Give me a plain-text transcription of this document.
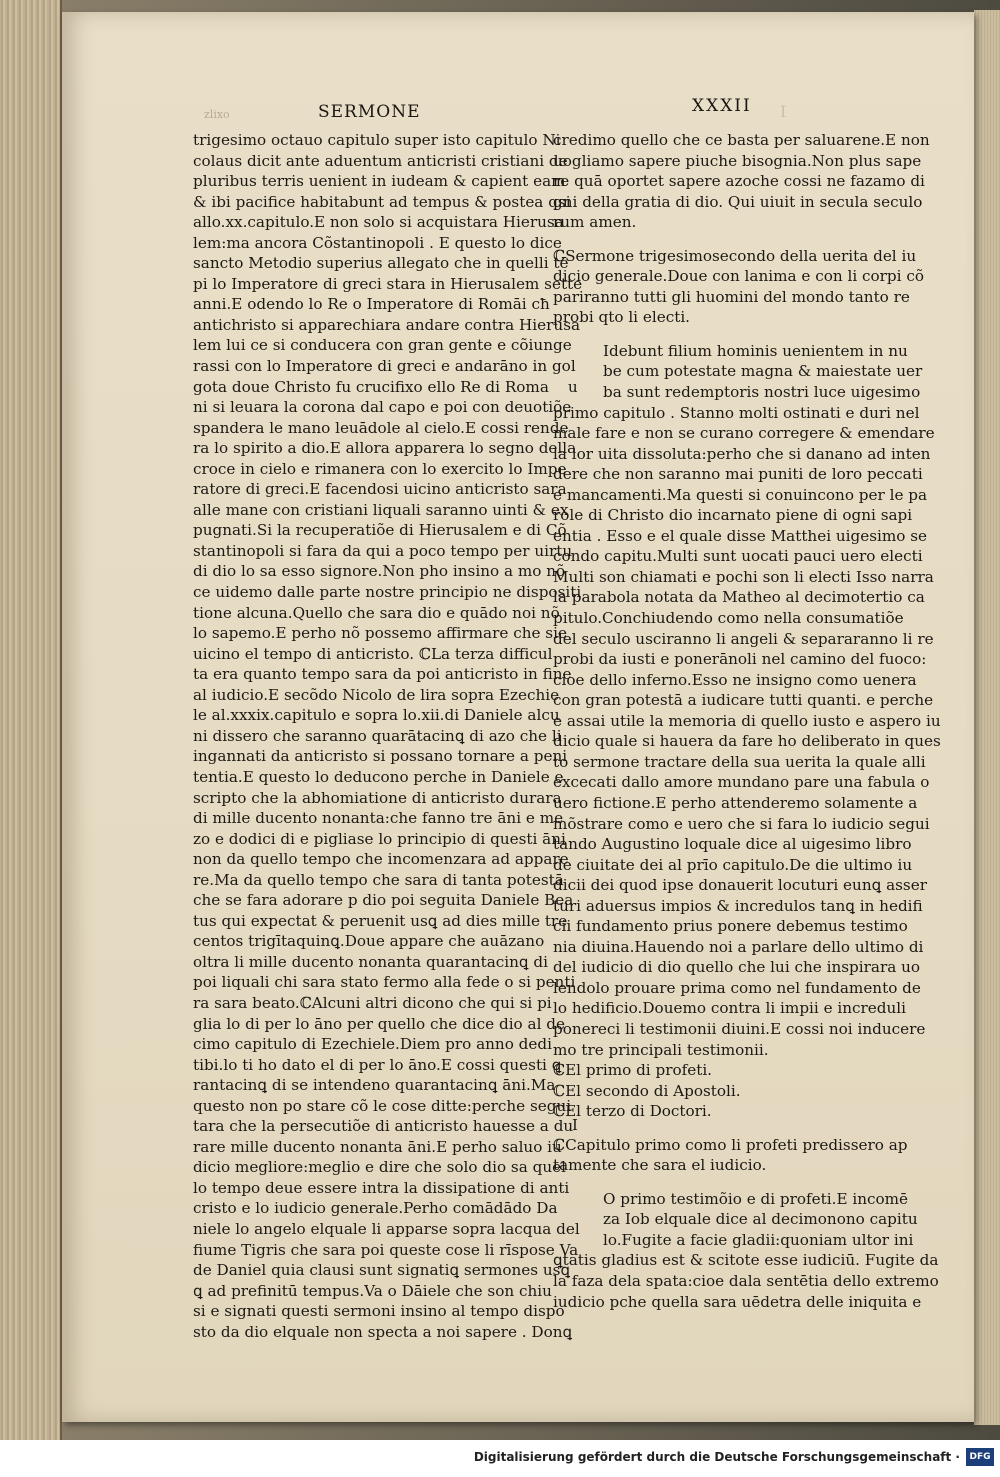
zlixo	I
SERMONE	XXXII
trigesimo octauo capitulo super isto capitulo Ni
colaus dicit ante aduentum anticristi cristiani de
pluribus terris uenient in iudeam & capient eam
& ibi pacifice habitabunt ad tempus & postea qsi
allo.xx.capitulo.E non solo si acquistara Hierusa
lem:ma ancora Cõstantinopoli . E questo lo dice
sancto Metodio superius allegato che in quelli tē
pi lo Imperatore di greci stara in Hierusalem sette
anni.E odendo lo Re o Imperatore di Romāi cħ
antichristo si apparechiara andare contra Hierusa
lem lui ce si conducera con gran gente e cõiunge
rassi con lo Imperatore di greci e andarāno in gol
gota doue Christo fu crucifixo ello Re di Roma
ni si leuara la corona dal capo e poi con deuotiõe
spandera le mano leuādole al cielo.E cossi rende
ra lo spirito a dio.E allora apparera lo segno della
croce in cielo e rimanera con lo exercito lo Impe
ratore di greci.E facendosi uicino anticristo sara
alle mane con cristiani liquali saranno uinti & ex
pugnati.Si la recuperatiõe di Hierusalem e di Cõ
stantinopoli si fara da qui a poco tempo per uirtu
di dio lo sa esso signore.Non pho insino a mo nõ
ce uidemo dalle parte nostre principio ne dispositi
tione alcuna.Quello che sara dio e quādo noi nõ
lo sapemo.E perho nõ possemo affirmare che sie
uicino el tempo di anticristo. ℂLa terza difficul
ta era quanto tempo sara da poi anticristo in fine
al iudicio.E secõdo Nicolo de lira sopra Ezechie
le al.xxxix.capitulo e sopra lo.xii.di Daniele alcu
ni dissero che saranno quarātacinꝗ di azo che li
ingannati da anticristo si possano tornare a peni
tentia.E questo lo deducono perche in Daniele e
scripto che la abhomiatione di anticristo durara
di mille ducento nonanta:che fanno tre āni e me
zo e dodici di e pigliase lo principio di questi āni
non da quello tempo che incomenzara ad appare
re.Ma da quello tempo che sara di tanta potestā
che se fara adorare p dio poi seguita Daniele Bea
tus qui expectat & peruenit usꝗ ad dies mille tre
centos trigītaquinꝗ.Doue appare che auāzano
oltra li mille ducento nonanta quarantacinꝗ di
poi liquali chi sara stato fermo alla fede o si penti
ra sara beato.ℂAlcuni altri dicono che qui si pi
glia lo di per lo āno per quello che dice dio al de
cimo capitulo di Ezechiele.Diem pro anno dedi
tibi.lo ti ho dato el di per lo āno.E cossi questi ꝗ
rantacinꝗ di se intendeno quarantacinꝗ āni.Ma
questo non po stare cõ le cose ditte:perche segui
tara che la persecutiõe di anticristo hauesse a du
rare mille ducento nonanta āni.E perho saluo iu
dicio megliore:meglio e dire che solo dio sa quel
lo tempo deue essere intra la dissipatione di anti
cristo e lo iudicio generale.Perho comādādo Da
niele lo angelo elquale li apparse sopra lacqua del
fiume Tigris che sara poi queste cose li rīspose Va
de Daniel quia clausi sunt signatiꝗ sermones usꝗ
ꝗ ad prefinitū tempus.Va o Dāiele che son chiu
si e signati questi sermoni insino al tempo dispo
sto da dio elquale non specta a noi sapere . Donꝗ
credimo quello che ce basta per saluarene.E non
uogliamo sapere piuche bisognia.Non plus sape
re quā oportet sapere azoche cossi ne fazamo di
gni della gratia di dio. Qui uiuit in secula seculo
rum amen.
ℂSermone trigesimosecondo della uerita del iu
dicio generale.Doue con lanima e con li corpi cõ
pariranno tutti gli huomini del mondo tanto re
probi qto li electi.
Idebunt filium hominis uenientem in nu
be cum potestate magna & maiestate uer
ba sunt redemptoris nostri luce uigesimo
primo capitulo . Stanno molti ostinati e duri nel
male fare e non se curano corregere & emendare
la lor uita dissoluta:perho che si danano ad inten
dere che non saranno mai puniti de loro peccati
e mancamenti.Ma questi si conuincono per le pa
role di Christo dio incarnato piene di ogni sapi
entia . Esso e el quale disse Matthei uigesimo se
condo capitu.Multi sunt uocati pauci uero electi
Multi son chiamati e pochi son li electi Isso narra
la parabola notata da Matheo al decimotertio ca
pitulo.Conchiudendo como nella consumatiõe
del seculo usciranno li angeli & separaranno li re
probi da iusti e ponerānoli nel camino del fuoco:
cioe dello inferno.Esso ne insigno como uenera
con gran potestā a iudicare tutti quanti. e perche
e assai utile la memoria di quello iusto e aspero iu
dicio quale si hauera da fare ho deliberato in ques
to sermone tractare della sua uerita la quale alli
excecati dallo amore mundano pare una fabula o
uero fictione.E perho attenderemo solamente a
mõstrare como e uero che si fara lo iudicio segui
tando Augustino loquale dice al uigesimo libro
de ciuitate dei al prīo capitulo.De die ultimo iu
dicii dei quod ipse donauerit locuturi eunꝗ asser
turi aduersus impios & incredulos tanꝗ in hedifi
cii fundamento prius ponere debemus testimo
nia diuina.Hauendo noi a parlare dello ultimo di
del iudicio di dio quello che lui che inspirara uo
lendolo prouare prima como nel fundamento de
lo hedificio.Douemo contra li impii e increduli
ponereci li testimonii diuini.E cossi noi inducere
mo tre principali testimonii.
ℂEl primo di profeti.
ℂEl secondo di Apostoli.
ℂEl terzo di Doctori.
ℂCapitulo primo como li profeti predissero ap
tamente che sara el iudicio.
O primo testimõio e di profeti.E incomē
za Iob elquale dice al decimonono capitu
lo.Fugite a facie gladii:quoniam ultor ini
ꝗtatis gladius est & scitote esse iudiciū. Fugite da
la faza dela spata:cioe dala sentētia dello extremo
iudicio pche quella sara uēdetra delle iniquita e
u
I
Digitalisierung gefördert durch die Deutsche Forschungsgemeinschaft ·	DFG
